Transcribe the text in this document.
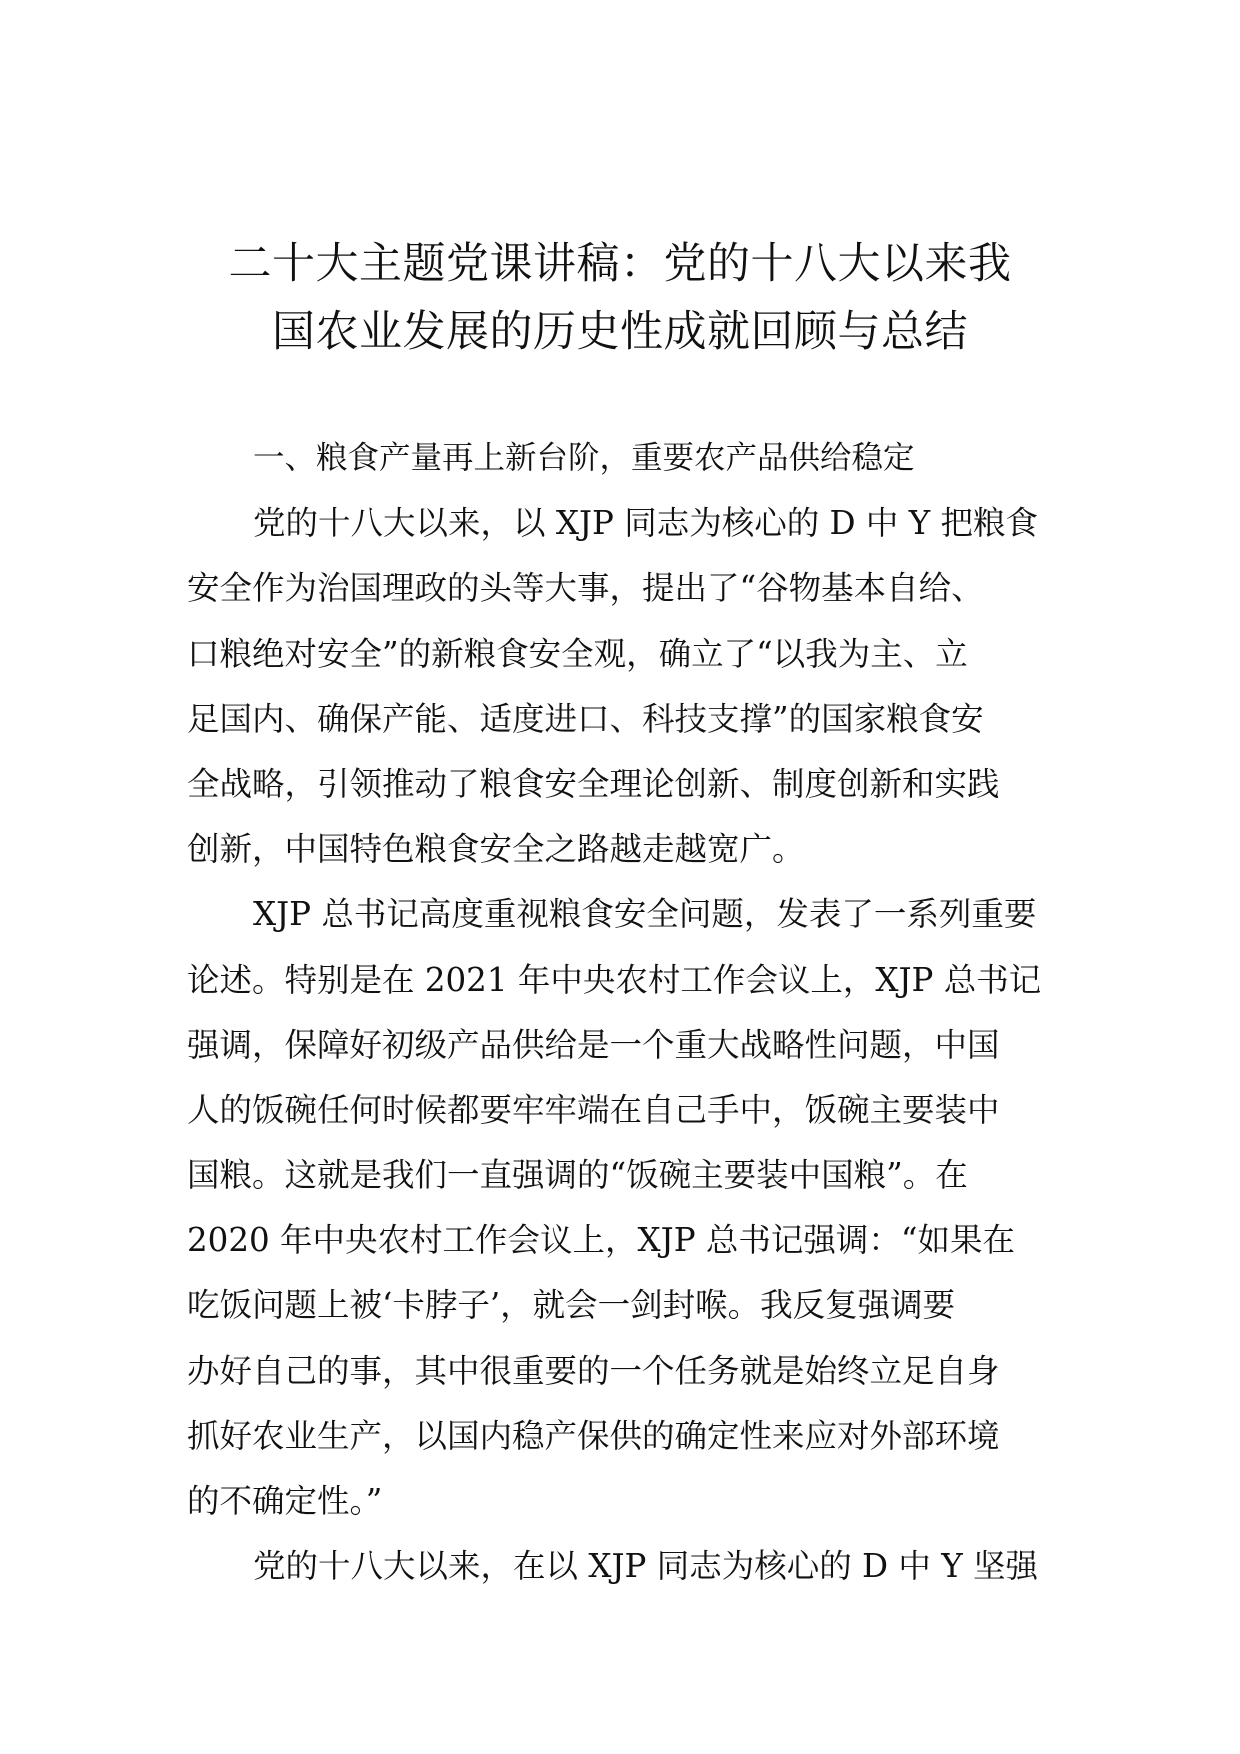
二十大主题党课讲稿：党的十八大以来我
国农业发展的历史性成就回顾与总结
一、粮食产量再上新台阶，重要农产品供给稳定
党的十八大以来，以 XJP 同志为核心的 D 中 Y 把粮食
安全作为治国理政的头等大事，提出了“谷物基本自给、
口粮绝对安全”的新粮食安全观，确立了“以我为主、立
足国内、确保产能、适度进口、科技支撑”的国家粮食安
全战略，引领推动了粮食安全理论创新、制度创新和实践
创新，中国特色粮食安全之路越走越宽广。
XJP 总书记高度重视粮食安全问题，发表了一系列重要
论述。特别是在 2021 年中央农村工作会议上，XJP 总书记
强调，保障好初级产品供给是一个重大战略性问题，中国
人的饭碗任何时候都要牢牢端在自己手中，饭碗主要装中
国粮。这就是我们一直强调的“饭碗主要装中国粮”。在
2020 年中央农村工作会议上，XJP 总书记强调：“如果在
吃饭问题上被‘卡脖子’，就会一剑封喉。我反复强调要
办好自己的事，其中很重要的一个任务就是始终立足自身
抓好农业生产，以国内稳产保供的确定性来应对外部环境
的不确定性。”
党的十八大以来，在以 XJP 同志为核心的 D 中 Y 坚强
